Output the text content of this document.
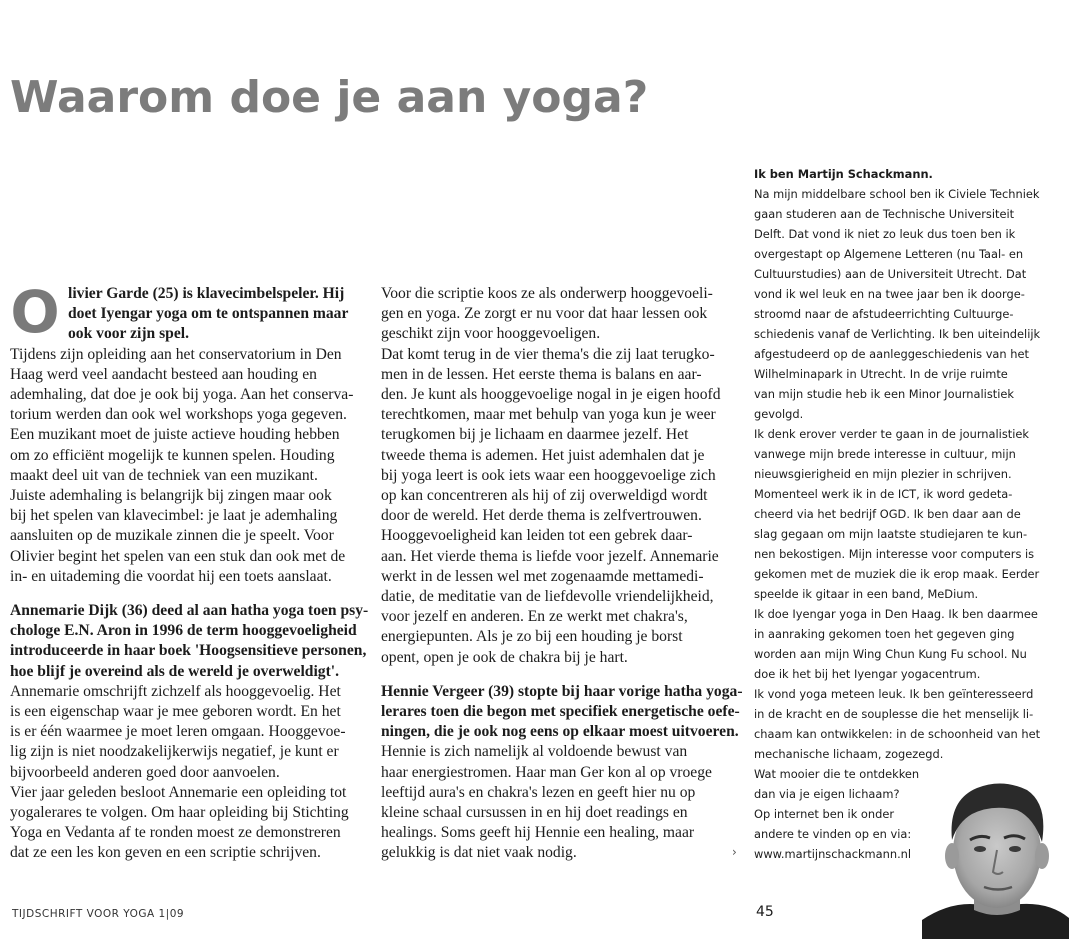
Waarom doe je aan yoga?
O livier Garde (25) is klavecimbelspeler. Hij
doet Iyengar yoga om te ontspannen maar
ook voor zijn spel.
Tijdens zijn opleiding aan het conservatorium in Den
Haag werd veel aandacht besteed aan houding en
ademhaling, dat doe je ook bij yoga. Aan het conserva-
torium werden dan ook wel workshops yoga gegeven.
Een muzikant moet de juiste actieve houding hebben
om zo efficiënt mogelijk te kunnen spelen. Houding
maakt deel uit van de techniek van een muzikant.
Juiste ademhaling is belangrijk bij zingen maar ook
bij het spelen van klavecimbel: je laat je ademhaling
aansluiten op de muzikale zinnen die je speelt. Voor
Olivier begint het spelen van een stuk dan ook met de
in- en uitademing die voordat hij een toets aanslaat.
Annemarie Dijk (36) deed al aan hatha yoga toen psy-
chologe E.N. Aron in 1996 de term hooggevoeligheid
introduceerde in haar boek 'Hoogsensitieve personen,
hoe blijf je overeind als de wereld je overweldigt'.
Annemarie omschrijft zichzelf als hooggevoelig. Het
is een eigenschap waar je mee geboren wordt. En het
is er één waarmee je moet leren omgaan. Hooggevoe-
lig zijn is niet noodzakelijkerwijs negatief, je kunt er
bijvoorbeeld anderen goed door aanvoelen.
Vier jaar geleden besloot Annemarie een opleiding tot
yogalerares te volgen. Om haar opleiding bij Stichting
Yoga en Vedanta af te ronden moest ze demonstreren
dat ze een les kon geven en een scriptie schrijven.
Voor die scriptie koos ze als onderwerp hooggevoeli-
gen en yoga. Ze zorgt er nu voor dat haar lessen ook
geschikt zijn voor hooggevoeligen.
Dat komt terug in de vier thema's die zij laat terugko-
men in de lessen. Het eerste thema is balans en aar-
den. Je kunt als hooggevoelige nogal in je eigen hoofd
terechtkomen, maar met behulp van yoga kun je weer
terugkomen bij je lichaam en daarmee jezelf. Het
tweede thema is ademen. Het juist ademhalen dat je
bij yoga leert is ook iets waar een hooggevoelige zich
op kan concentreren als hij of zij overweldigd wordt
door de wereld. Het derde thema is zelfvertrouwen.
Hooggevoeligheid kan leiden tot een gebrek daar-
aan. Het vierde thema is liefde voor jezelf. Annemarie
werkt in de lessen wel met zogenaamde mettamedi-
datie, de meditatie van de liefdevolle vriendelijkheid,
voor jezelf en anderen. En ze werkt met chakra's,
energiepunten. Als je zo bij een houding je borst
opent, open je ook de chakra bij je hart.
Hennie Vergeer (39) stopte bij haar vorige hatha yoga-
lerares toen die begon met specifiek energetische oefe-
ningen, die je ook nog eens op elkaar moest uitvoeren.
Hennie is zich namelijk al voldoende bewust van
haar energiestromen. Haar man Ger kon al op vroege
leeftijd aura's en chakra's lezen en geeft hier nu op
kleine schaal cursussen in en hij doet readings en
healings. Soms geeft hij Hennie een healing, maar
gelukkig is dat niet vaak nodig.
Ik ben Martijn Schackmann.
Na mijn middelbare school ben ik Civiele Techniek
gaan studeren aan de Technische Universiteit
Delft. Dat vond ik niet zo leuk dus toen ben ik
overgestapt op Algemene Letteren (nu Taal- en
Cultuurstudies) aan de Universiteit Utrecht. Dat
vond ik wel leuk en na twee jaar ben ik doorge-
stroomd naar de afstudeerrichting Cultuurge-
schiedenis vanaf de Verlichting. Ik ben uiteindelijk
afgestudeerd op de aanleggeschiedenis van het
Wilhelminapark in Utrecht. In de vrije ruimte
van mijn studie heb ik een Minor Journalistiek
gevolgd.
Ik denk erover verder te gaan in de journalistiek
vanwege mijn brede interesse in cultuur, mijn
nieuwsgierigheid en mijn plezier in schrijven.
Momenteel werk ik in de ICT, ik word gedeta-
cheerd via het bedrijf OGD. Ik ben daar aan de
slag gegaan om mijn laatste studiejaren te kun-
nen bekostigen. Mijn interesse voor computers is
gekomen met de muziek die ik erop maak. Eerder
speelde ik gitaar in een band, MeDium.
Ik doe Iyengar yoga in Den Haag. Ik ben daarmee
in aanraking gekomen toen het gegeven ging
worden aan mijn Wing Chun Kung Fu school. Nu
doe ik het bij het Iyengar yogacentrum.
Ik vond yoga meteen leuk. Ik ben geïnteresseerd
in de kracht en de souplesse die het menselijk li-
chaam kan ontwikkelen: in de schoonheid van het
mechanische lichaam, zogezegd.
Wat mooier die te ontdekken
dan via je eigen lichaam?
Op internet ben ik onder
andere te vinden op en via:
www.martijnschackmann.nl
›
TIJDSCHRIFT VOOR YOGA 1|09	45
